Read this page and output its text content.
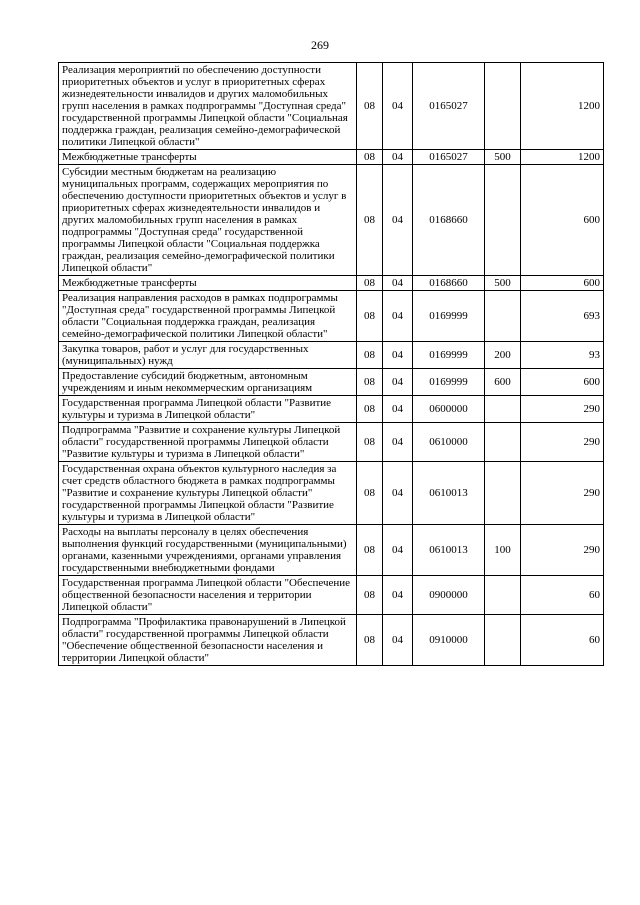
269
Реализация мероприятий по обеспечению доступности приоритетных объектов и услуг в приоритетных сферах жизнедеятельности инвалидов и других маломобильных групп населения в рамках подпрограммы "Доступная среда" государственной программы Липецкой области "Социальная поддержка граждан, реализация семейно-демографической политики Липецкой области"	08	04	0165027		1200
Межбюджетные трансферты	08	04	0165027	500	1200
Субсидии местным бюджетам на реализацию муниципальных программ, содержащих мероприятия по обеспечению доступности приоритетных объектов и услуг в приоритетных сферах жизнедеятельности инвалидов и других маломобильных групп населения в рамках подпрограммы "Доступная среда" государственной программы Липецкой области "Социальная поддержка граждан, реализация семейно-демографической политики Липецкой области"	08	04	0168660		600
Межбюджетные трансферты	08	04	0168660	500	600
Реализация направления расходов в рамках подпрограммы "Доступная среда" государственной программы Липецкой области "Социальная поддержка граждан, реализация семейно-демографической политики Липецкой области"	08	04	0169999		693
Закупка товаров, работ и услуг для государственных (муниципальных) нужд	08	04	0169999	200	93
Предоставление субсидий бюджетным, автономным учреждениям и иным некоммерческим организациям	08	04	0169999	600	600
Государственная программа Липецкой области "Развитие культуры и туризма в Липецкой области"	08	04	0600000		290
Подпрограмма "Развитие и сохранение культуры Липецкой области" государственной программы Липецкой области "Развитие культуры и туризма в Липецкой области"	08	04	0610000		290
Государственная охрана объектов культурного наследия за счет средств областного бюджета в рамках подпрограммы "Развитие и сохранение культуры Липецкой области" государственной программы Липецкой области "Развитие культуры и туризма в Липецкой области"	08	04	0610013		290
Расходы на выплаты персоналу в целях обеспечения выполнения функций государственными (муниципальными) органами, казенными учреждениями, органами управления государственными внебюджетными фондами	08	04	0610013	100	290
Государственная программа Липецкой области "Обеспечение общественной безопасности населения и территории Липецкой области"	08	04	0900000		60
Подпрограмма "Профилактика правонарушений в Липецкой области" государственной программы Липецкой области "Обеспечение общественной безопасности населения и территории Липецкой области"	08	04	0910000		60
